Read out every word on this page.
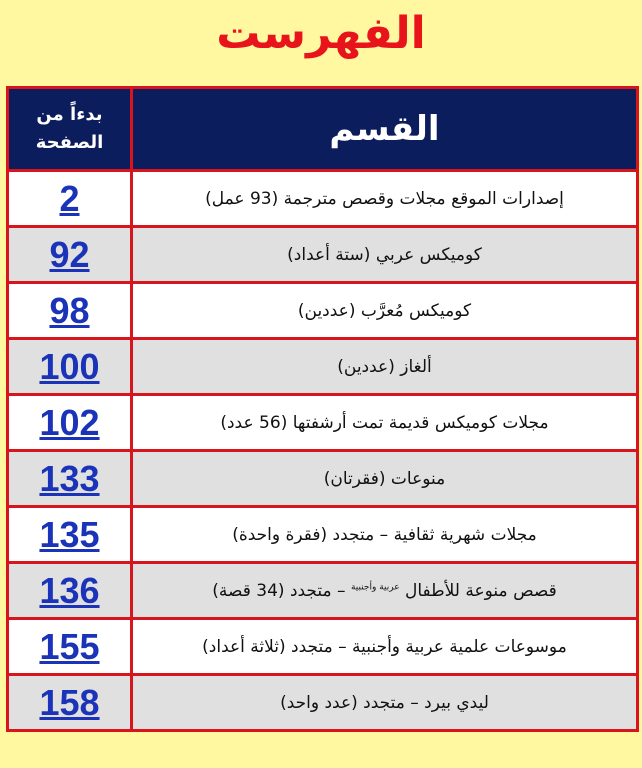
الفهرست
القسم	بدءاً من
الصفحة

إصدارات الموقع مجلات وقصص مترجمة (93 عمل)	2
كوميكس عربي (ستة أعداد)	92
كوميكس مُعرَّب (عددين)	98
ألغاز (عددين)	100
مجلات كوميكس قديمة تمت أرشفتها (56 عدد)	102
منوعات (فقرتان)	133
مجلات شهرية ثقافية – متجدد (فقرة واحدة)	135
قصص منوعة للأطفال $^{عربية وأجنبية}$ – متجدد (34 قصة)	136
موسوعات علمية عربية وأجنبية – متجدد (ثلاثة أعداد)	155
ليدي بيرد – متجدد (عدد واحد)	158
